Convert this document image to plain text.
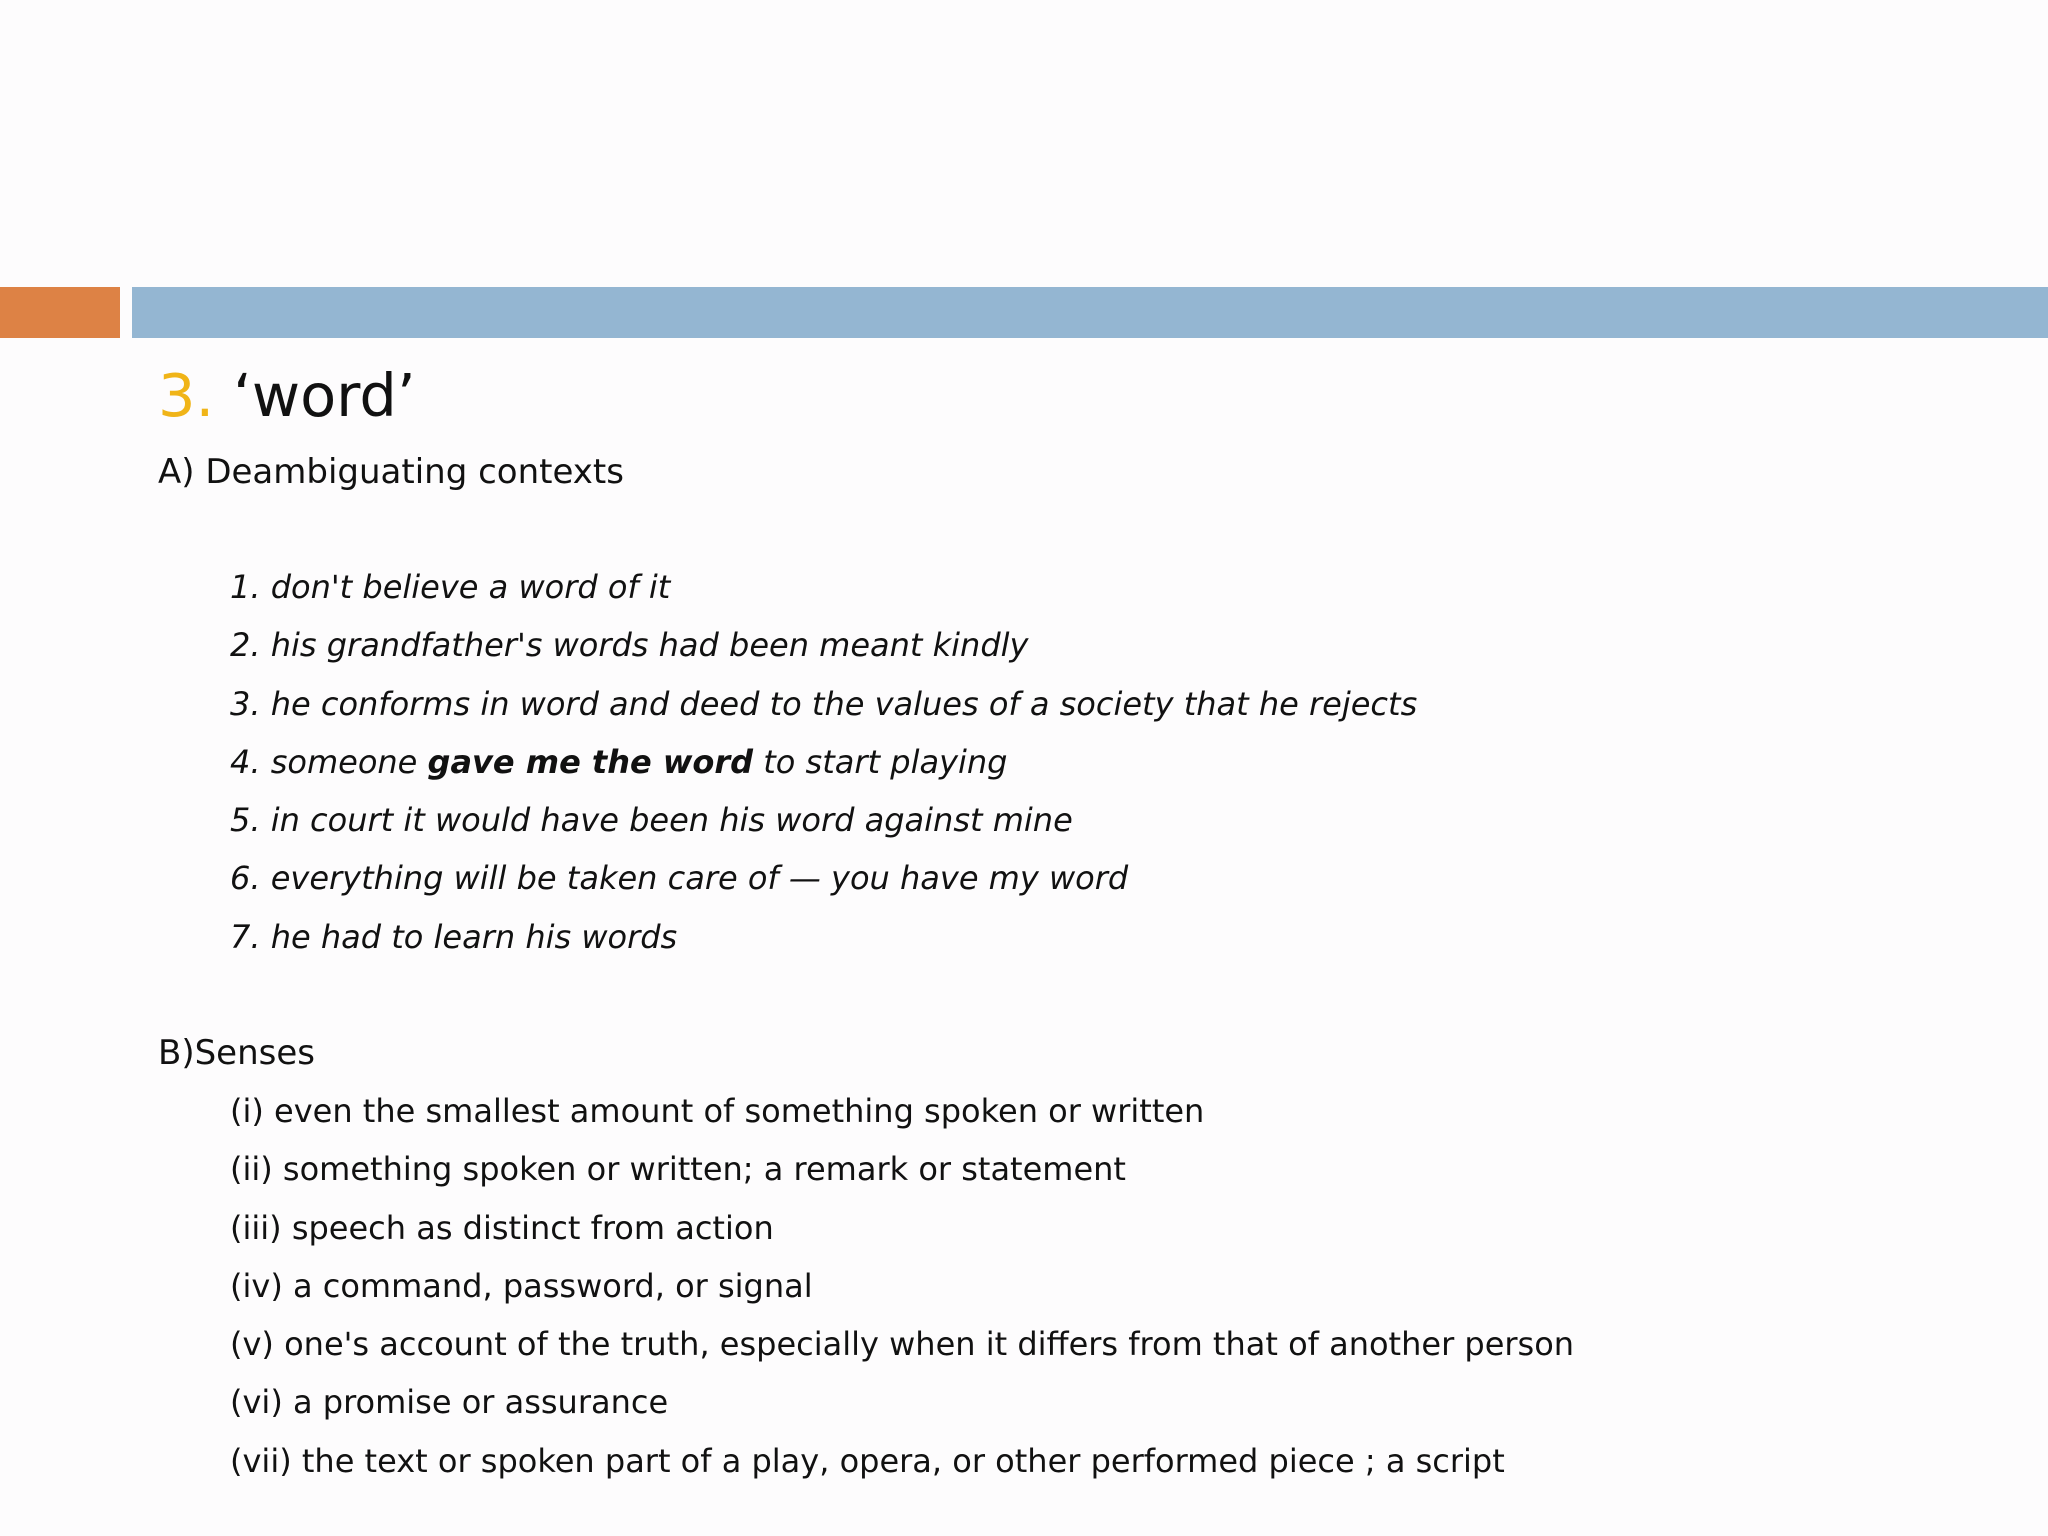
3. ‘word’
A) Deambiguating contexts
1. don't believe a word of it
2. his grandfather's words had been meant kindly
3. he conforms in word and deed to the values of a society that he rejects
4. someone gave me the word to start playing
5. in court it would have been his word against mine
6. everything will be taken care of — you have my word
7. he had to learn his words
B)Senses
(i) even the smallest amount of something spoken or written
(ii) something spoken or written; a remark or statement
(iii) speech as distinct from action
(iv) a command, password, or signal
(v) one's account of the truth, especially when it differs from that of another person
(vi) a promise or assurance
(vii) the text or spoken part of a play, opera, or other performed piece ; a script
